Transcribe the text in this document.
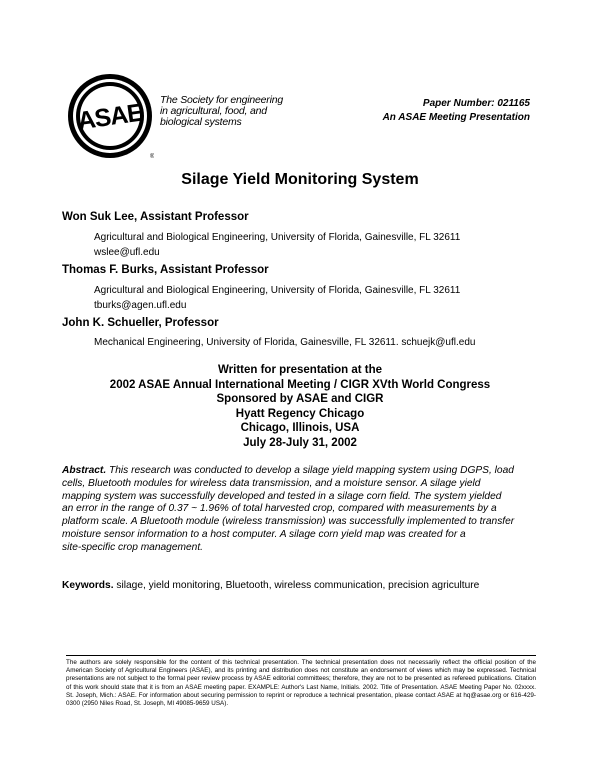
ASAE
®
The Society for engineering
in agricultural, food, and
biological systems
Paper Number: 021165
An ASAE Meeting Presentation
Silage Yield Monitoring System
Won Suk Lee, Assistant Professor
Agricultural and Biological Engineering, University of Florida, Gainesville, FL 32611
wslee@ufl.edu
Thomas F. Burks, Assistant Professor
Agricultural and Biological Engineering, University of Florida, Gainesville, FL 32611
tburks@agen.ufl.edu
John K. Schueller, Professor
Mechanical Engineering, University of Florida, Gainesville, FL 32611. schuejk@ufl.edu
Written for presentation at the
2002 ASAE Annual International Meeting / CIGR XVth World Congress
Sponsored by ASAE and CIGR
Hyatt Regency Chicago
Chicago, Illinois, USA
July 28-July 31, 2002
Abstract. This research was conducted to develop a silage yield mapping system using DGPS, load
cells, Bluetooth modules for wireless data transmission, and a moisture sensor. A silage yield
mapping system was successfully developed and tested in a silage corn field. The system yielded
an error in the range of 0.37 ~ 1.96% of total harvested crop, compared with measurements by a
platform scale. A Bluetooth module (wireless transmission) was successfully implemented to transfer
moisture sensor information to a host computer. A silage corn yield map was created for a
site-specific crop management.
Keywords. silage, yield monitoring, Bluetooth, wireless communication, precision agriculture
The authors are solely responsible for the content of this technical presentation. The technical presentation does not necessarily reflect the official position of the American Society of Agricultural Engineers (ASAE), and its printing and distribution does not constitute an endorsement of views which may be expressed. Technical presentations are not subject to the formal peer review process by ASAE editorial committees; therefore, they are not to be presented as refereed publications. Citation of this work should state that it is from an ASAE meeting paper. EXAMPLE: Author's Last Name, Initials. 2002. Title of Presentation. ASAE Meeting Paper No. 02xxxx. St. Joseph, Mich.: ASAE. For information about securing permission to reprint or reproduce a technical presentation, please contact ASAE at hq@asae.org or 616-429-0300 (2950 Niles Road, St. Joseph, MI 49085-9659 USA).
